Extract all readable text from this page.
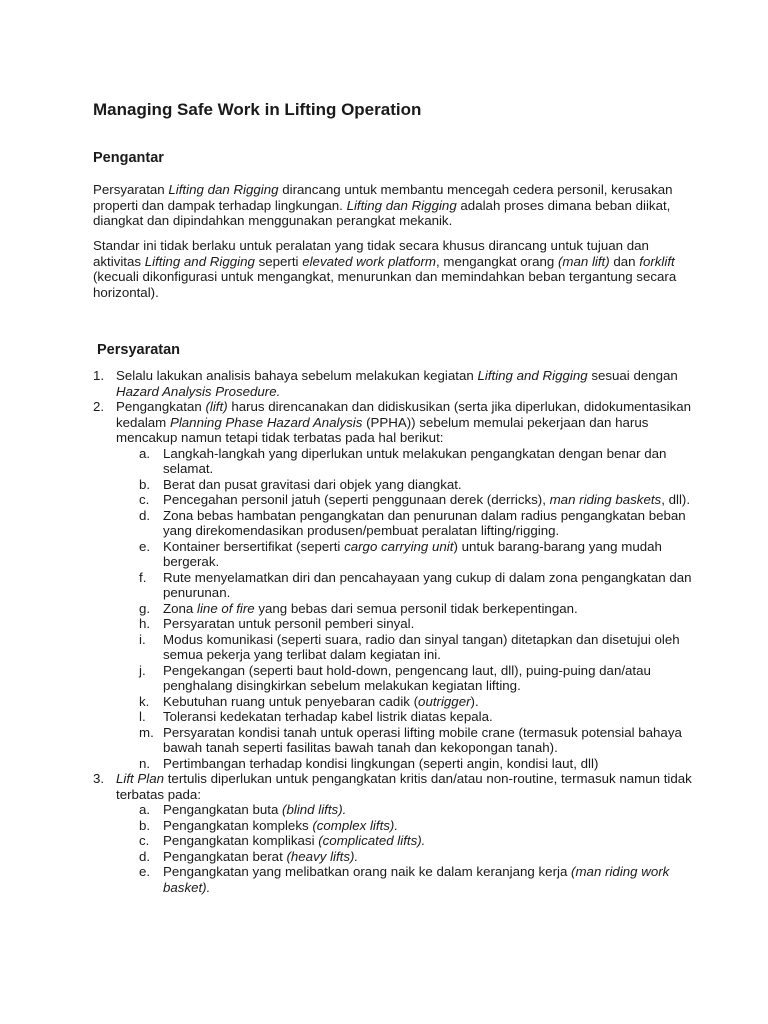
Managing Safe Work in Lifting Operation
Pengantar

Persyaratan Lifting dan Rigging dirancang untuk membantu mencegah cedera personil, kerusakan properti dan dampak terhadap lingkungan. Lifting dan Rigging adalah proses dimana beban diikat, diangkat dan dipindahkan menggunakan perangkat mekanik.

Standar ini tidak berlaku untuk peralatan yang tidak secara khusus dirancang untuk tujuan dan aktivitas Lifting and Rigging seperti elevated work platform, mengangkat orang (man lift) dan forklift (kecuali dikonfigurasi untuk mengangkat, menurunkan dan memindahkan beban tergantung secara horizontal).

Persyaratan
1. Selalu lakukan analisis bahaya sebelum melakukan kegiatan Lifting and Rigging sesuai dengan Hazard Analysis Prosedure.
2. Pengangkatan (lift) harus direncanakan dan didiskusikan (serta jika diperlukan, didokumentasikan kedalam Planning Phase Hazard Analysis (PPHA)) sebelum memulai pekerjaan dan harus mencakup namun tetapi tidak terbatas pada hal berikut:
a. Langkah-langkah yang diperlukan untuk melakukan pengangkatan dengan benar dan selamat.
b. Berat dan pusat gravitasi dari objek yang diangkat.
c. Pencegahan personil jatuh (seperti penggunaan derek (derricks), man riding baskets, dll).
d. Zona bebas hambatan pengangkatan dan penurunan dalam radius pengangkatan beban yang direkomendasikan produsen/pembuat peralatan lifting/rigging.
e. Kontainer bersertifikat (seperti cargo carrying unit) untuk barang-barang yang mudah bergerak.
f. Rute menyelamatkan diri dan pencahayaan yang cukup di dalam zona pengangkatan dan penurunan.
g. Zona line of fire yang bebas dari semua personil tidak berkepentingan.
h. Persyaratan untuk personil pemberi sinyal.
i. Modus komunikasi (seperti suara, radio dan sinyal tangan) ditetapkan dan disetujui oleh semua pekerja yang terlibat dalam kegiatan ini.
j. Pengekangan (seperti baut hold-down, pengencang laut, dll), puing-puing dan/atau penghalang disingkirkan sebelum melakukan kegiatan lifting.
k. Kebutuhan ruang untuk penyebaran cadik (outrigger).
l. Toleransi kedekatan terhadap kabel listrik diatas kepala.
m. Persyaratan kondisi tanah untuk operasi lifting mobile crane (termasuk potensial bahaya bawah tanah seperti fasilitas bawah tanah dan kekopongan tanah).
n. Pertimbangan terhadap kondisi lingkungan (seperti angin, kondisi laut, dll)
3. Lift Plan tertulis diperlukan untuk pengangkatan kritis dan/atau non-routine, termasuk namun tidak terbatas pada:
a. Pengangkatan buta (blind lifts).
b. Pengangkatan kompleks (complex lifts).
c. Pengangkatan komplikasi (complicated lifts).
d. Pengangkatan berat (heavy lifts).
e. Pengangkatan yang melibatkan orang naik ke dalam keranjang kerja (man riding work basket).
